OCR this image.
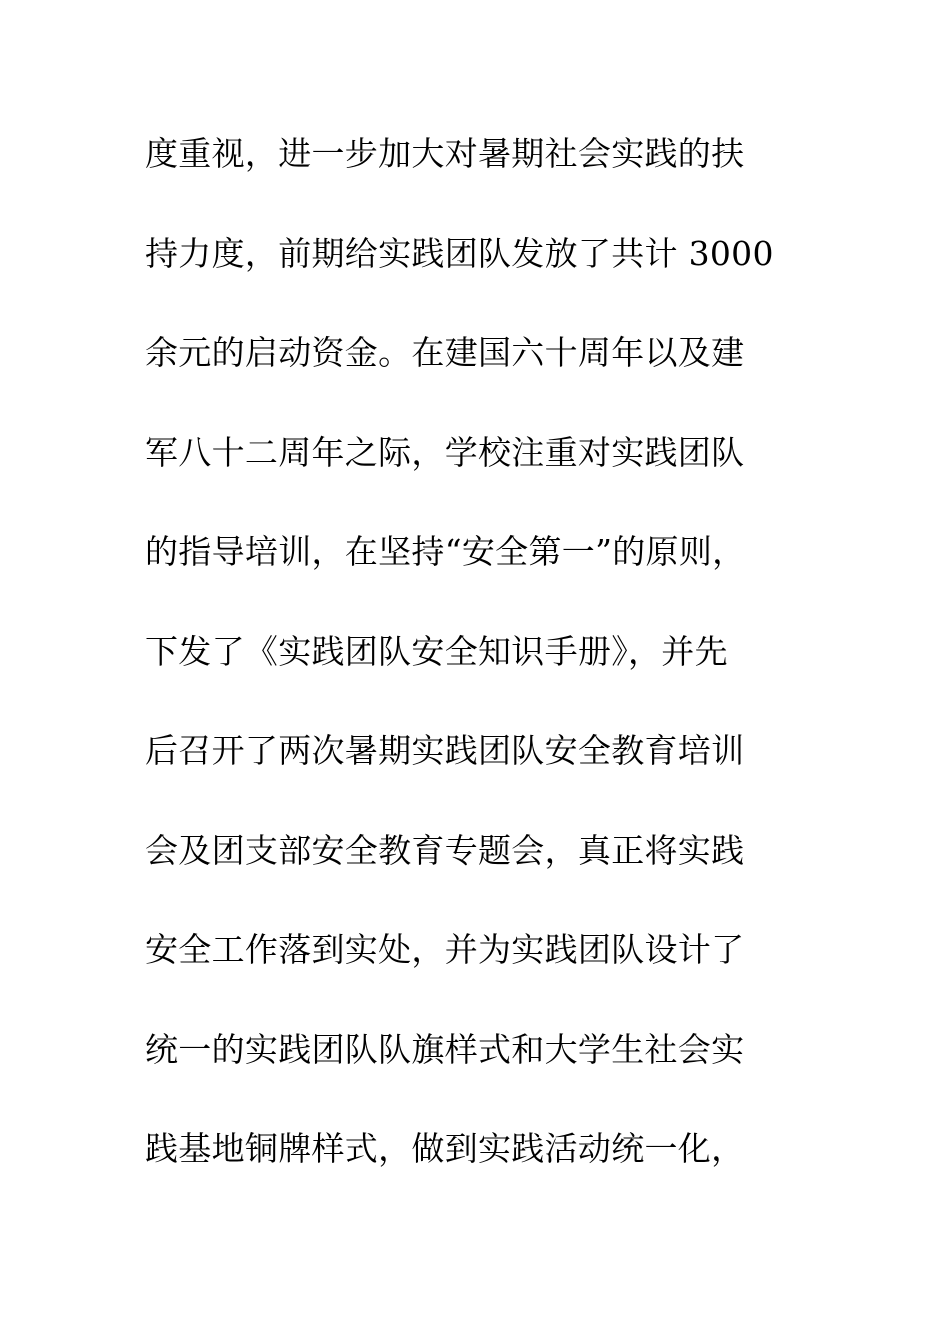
度重视，进一步加大对暑期社会实践的扶
持力度，前期给实践团队发放了共计 3000
余元的启动资金。在建国六十周年以及建
军八十二周年之际，学校注重对实践团队
的指导培训，在坚持“安全第一”的原则，
下发了《实践团队安全知识手册》，并先
后召开了两次暑期实践团队安全教育培训
会及团支部安全教育专题会，真正将实践
安全工作落到实处，并为实践团队设计了
统一的实践团队队旗样式和大学生社会实
践基地铜牌样式，做到实践活动统一化，
